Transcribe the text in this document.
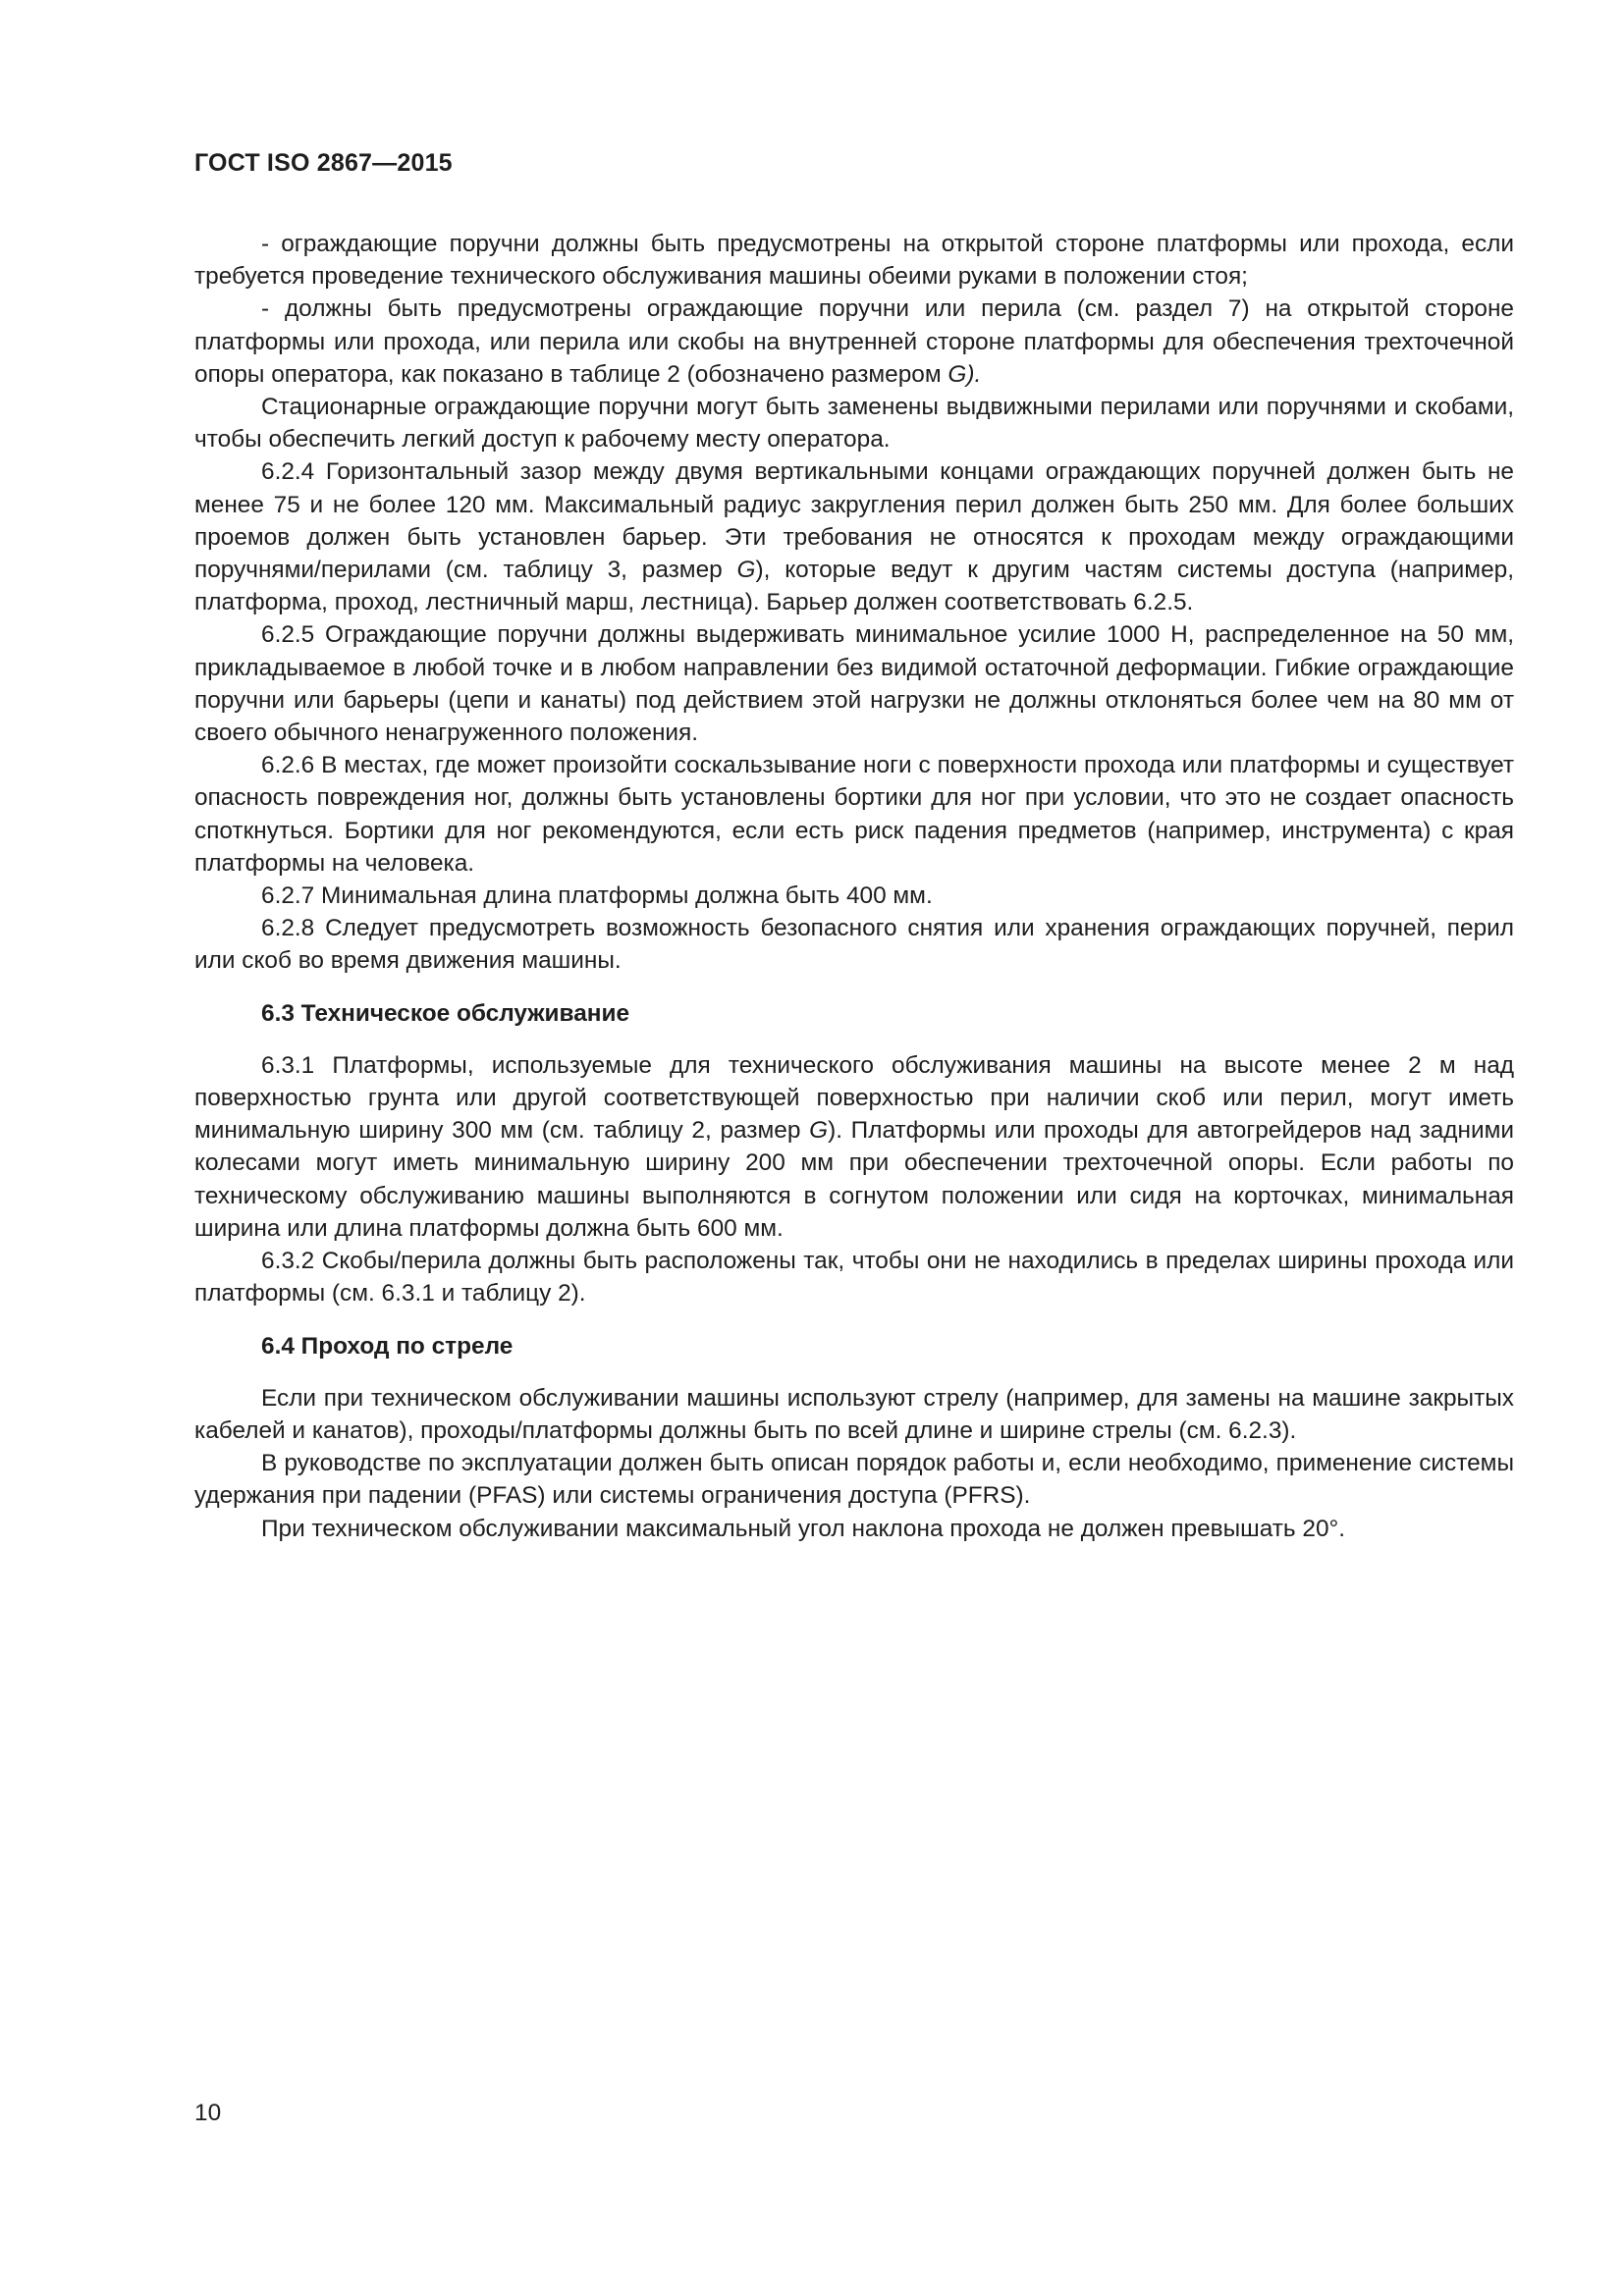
ГОСТ ISO 2867—2015

- ограждающие поручни должны быть предусмотрены на открытой стороне платформы или прохода, если требуется проведение технического обслуживания машины обеими руками в положении стоя;

- должны быть предусмотрены ограждающие поручни или перила (см. раздел 7) на открытой стороне платформы или прохода, или перила или скобы на внутренней стороне платформы для обеспечения трехточечной опоры оператора, как показано в таблице 2 (обозначено размером G).

Стационарные ограждающие поручни могут быть заменены выдвижными перилами или поручнями и скобами, чтобы обеспечить легкий доступ к рабочему месту оператора.

6.2.4 Горизонтальный зазор между двумя вертикальными концами ограждающих поручней должен быть не менее 75 и не более 120 мм. Максимальный радиус закругления перил должен быть 250 мм. Для более больших проемов должен быть установлен барьер. Эти требования не относятся к проходам между ограждающими поручнями/перилами (см. таблицу 3, размер G), которые ведут к другим частям системы доступа (например, платформа, проход, лестничный марш, лестница). Барьер должен соответствовать 6.2.5.

6.2.5 Ограждающие поручни должны выдерживать минимальное усилие 1000 Н, распределенное на 50 мм, прикладываемое в любой точке и в любом направлении без видимой остаточной деформации. Гибкие ограждающие поручни или барьеры (цепи и канаты) под действием этой нагрузки не должны отклоняться более чем на 80 мм от своего обычного ненагруженного положения.

6.2.6 В местах, где может произойти соскальзывание ноги с поверхности прохода или платформы и существует опасность повреждения ног, должны быть установлены бортики для ног при условии, что это не создает опасность споткнуться. Бортики для ног рекомендуются, если есть риск падения предметов (например, инструмента) с края платформы на человека.

6.2.7 Минимальная длина платформы должна быть 400 мм.

6.2.8 Следует предусмотреть возможность безопасного снятия или хранения ограждающих поручней, перил или скоб во время движения машины.

6.3 Техническое обслуживание

6.3.1 Платформы, используемые для технического обслуживания машины на высоте менее 2 м над поверхностью грунта или другой соответствующей поверхностью при наличии скоб или перил, могут иметь минимальную ширину 300 мм (см. таблицу 2, размер G). Платформы или проходы для автогрейдеров над задними колесами могут иметь минимальную ширину 200 мм при обеспечении трехточечной опоры. Если работы по техническому обслуживанию машины выполняются в согнутом положении или сидя на корточках, минимальная ширина или длина платформы должна быть 600 мм.

6.3.2 Скобы/перила должны быть расположены так, чтобы они не находились в пределах ширины прохода или платформы (см. 6.3.1 и таблицу 2).

6.4 Проход по стреле

Если при техническом обслуживании машины используют стрелу (например, для замены на машине закрытых кабелей и канатов), проходы/платформы должны быть по всей длине и ширине стрелы (см. 6.2.3).

В руководстве по эксплуатации должен быть описан порядок работы и, если необходимо, применение системы удержания при падении (PFAS) или системы ограничения доступа (PFRS).

При техническом обслуживании максимальный угол наклона прохода не должен превышать 20°.

10
